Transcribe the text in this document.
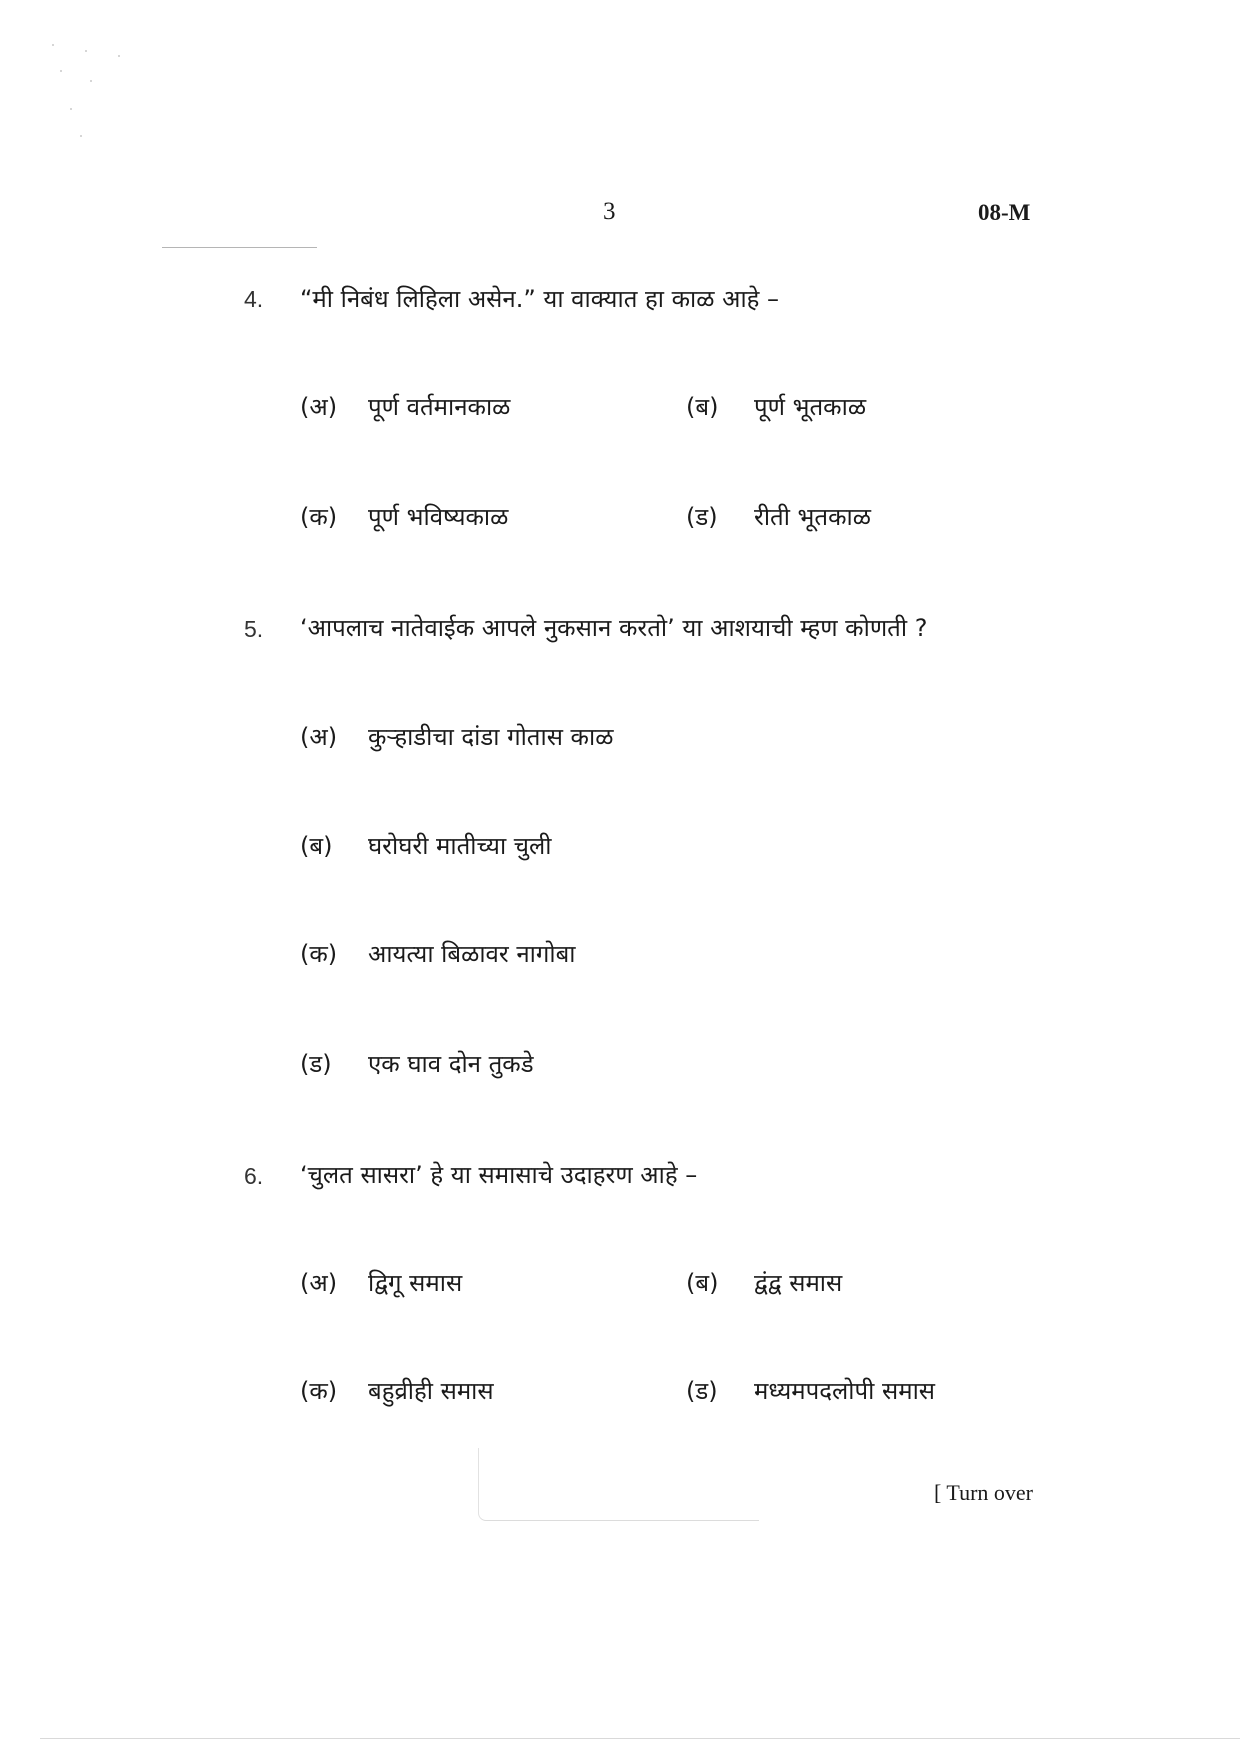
3	08-M
4. “मी निबंध लिहिला असेन.” या वाक्यात हा काळ आहे –
(अ) पूर्ण वर्तमानकाळ	(ब) पूर्ण भूतकाळ
(क) पूर्ण भविष्यकाळ	(ड) रीती भूतकाळ
5. ‘आपलाच नातेवाईक आपले नुकसान करतो’ या आशयाची म्हण कोणती ?
(अ) कुऱ्हाडीचा दांडा गोतास काळ
(ब) घरोघरी मातीच्या चुली
(क) आयत्या बिळावर नागोबा
(ड) एक घाव दोन तुकडे
6. ‘चुलत सासरा’ हे या समासाचे उदाहरण आहे –
(अ) द्विगू समास	(ब) द्वंद्व समास
(क) बहुव्रीही समास	(ड) मध्यमपदलोपी समास
[ Turn over
